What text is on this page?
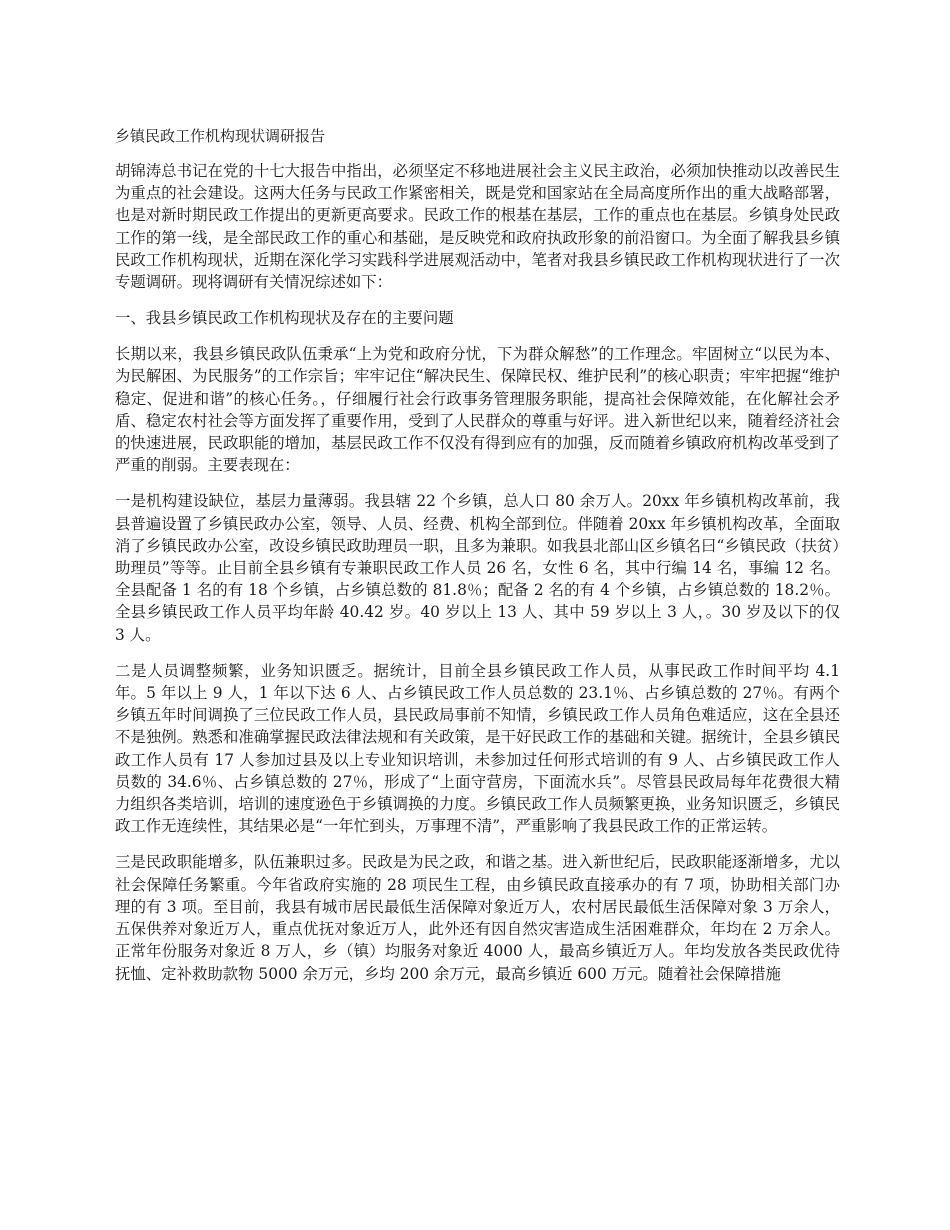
乡镇民政工作机构现状调研报告

胡锦涛总书记在党的十七大报告中指出，必须坚定不移地进展社会主义民主政治，必须加快推动以改善民生为重点的社会建设。这两大任务与民政工作紧密相关，既是党和国家站在全局高度所作出的重大战略部署，也是对新时期民政工作提出的更新更高要求。民政工作的根基在基层，工作的重点也在基层。乡镇身处民政工作的第一线，是全部民政工作的重心和基础，是反映党和政府执政形象的前沿窗口。为全面了解我县乡镇民政工作机构现状，近期在深化学习实践科学进展观活动中，笔者对我县乡镇民政工作机构现状进行了一次专题调研。现将调研有关情况综述如下：

一、我县乡镇民政工作机构现状及存在的主要问题

长期以来，我县乡镇民政队伍秉承“上为党和政府分忧，下为群众解愁”的工作理念。牢固树立“以民为本、为民解困、为民服务”的工作宗旨；牢牢记住“解决民生、保障民权、维护民利”的核心职责；牢牢把握“维护稳定、促进和谐”的核心任务。，仔细履行社会行政事务管理服务职能，提高社会保障效能，在化解社会矛盾、稳定农村社会等方面发挥了重要作用，受到了人民群众的尊重与好评。进入新世纪以来，随着经济社会的快速进展，民政职能的增加，基层民政工作不仅没有得到应有的加强，反而随着乡镇政府机构改革受到了严重的削弱。主要表现在：

一是机构建设缺位，基层力量薄弱。我县辖 22 个乡镇，总人口 80 余万人。20xx 年乡镇机构改革前，我县普遍设置了乡镇民政办公室，领导、人员、经费、机构全部到位。伴随着 20xx 年乡镇机构改革，全面取消了乡镇民政办公室，改设乡镇民政助理员一职，且多为兼职。如我县北部山区乡镇名曰“乡镇民政（扶贫）助理员”等等。止目前全县乡镇有专兼职民政工作人员 26 名，女性 6 名，其中行编 14 名，事编 12 名。全县配备 1 名的有 18 个乡镇，占乡镇总数的 81.8％；配备 2 名的有 4 个乡镇，占乡镇总数的 18.2％。全县乡镇民政工作人员平均年龄 40.42 岁。40 岁以上 13 人、其中 59 岁以上 3 人，。30 岁及以下的仅 3 人。

二是人员调整频繁，业务知识匮乏。据统计，目前全县乡镇民政工作人员，从事民政工作时间平均 4.1 年。5 年以上 9 人，1 年以下达 6 人、占乡镇民政工作人员总数的 23.1％、占乡镇总数的 27％。有两个乡镇五年时间调换了三位民政工作人员，县民政局事前不知情，乡镇民政工作人员角色难适应，这在全县还不是独例。熟悉和准确掌握民政法律法规和有关政策，是干好民政工作的基础和关键。据统计，全县乡镇民政工作人员有 17 人参加过县及以上专业知识培训，未参加过任何形式培训的有 9 人、占乡镇民政工作人员数的 34.6％、占乡镇总数的 27％，形成了“上面守营房，下面流水兵”。尽管县民政局每年花费很大精力组织各类培训，培训的速度逊色于乡镇调换的力度。乡镇民政工作人员频繁更换，业务知识匮乏，乡镇民政工作无连续性，其结果必是“一年忙到头，万事理不清”，严重影响了我县民政工作的正常运转。

三是民政职能增多，队伍兼职过多。民政是为民之政，和谐之基。进入新世纪后，民政职能逐渐增多，尤以社会保障任务繁重。今年省政府实施的 28 项民生工程，由乡镇民政直接承办的有 7 项，协助相关部门办理的有 3 项。至目前，我县有城市居民最低生活保障对象近万人，农村居民最低生活保障对象 3 万余人，五保供养对象近万人，重点优抚对象近万人，此外还有因自然灾害造成生活困难群众，年均在 2 万余人。正常年份服务对象近 8 万人，乡（镇）均服务对象近 4000 人，最高乡镇近万人。年均发放各类民政优待抚恤、定补救助款物 5000 余万元，乡均 200 余万元，最高乡镇近 600 万元。随着社会保障措施
